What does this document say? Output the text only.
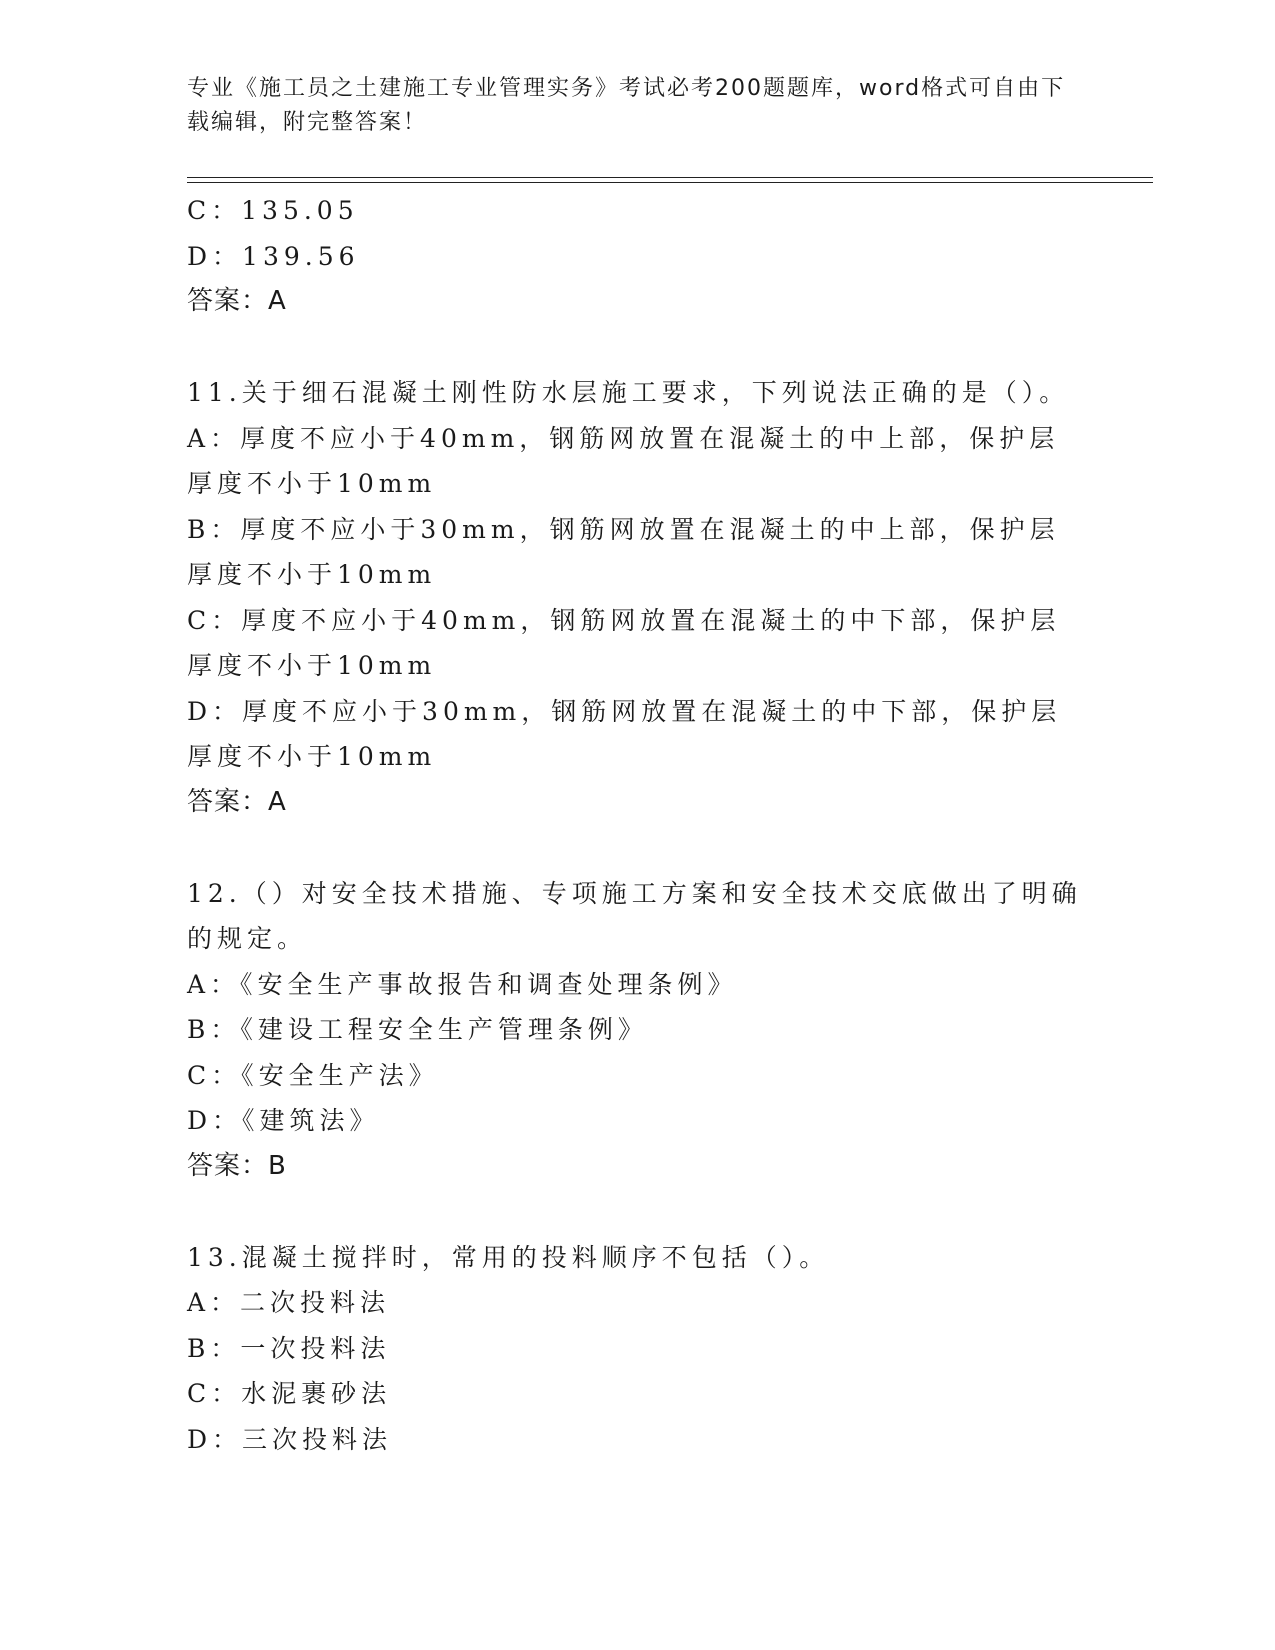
专业《施工员之土建施工专业管理实务》考试必考200题题库，word格式可自由下载编辑，附完整答案！
C：135.05
D：139.56
答案：A
11.关于细石混凝土刚性防水层施工要求，下列说法正确的是（）。
A：厚度不应小于40mm，钢筋网放置在混凝土的中上部，保护层厚度不小于10mm
B：厚度不应小于30mm，钢筋网放置在混凝土的中上部，保护层厚度不小于10mm
C：厚度不应小于40mm，钢筋网放置在混凝土的中下部，保护层厚度不小于10mm
D：厚度不应小于30mm，钢筋网放置在混凝土的中下部，保护层厚度不小于10mm
答案：A
12.（）对安全技术措施、专项施工方案和安全技术交底做出了明确的规定。
A：《安全生产事故报告和调查处理条例》
B：《建设工程安全生产管理条例》
C：《安全生产法》
D：《建筑法》
答案：B
13.混凝土搅拌时，常用的投料顺序不包括（）。
A：二次投料法
B：一次投料法
C：水泥裹砂法
D：三次投料法
